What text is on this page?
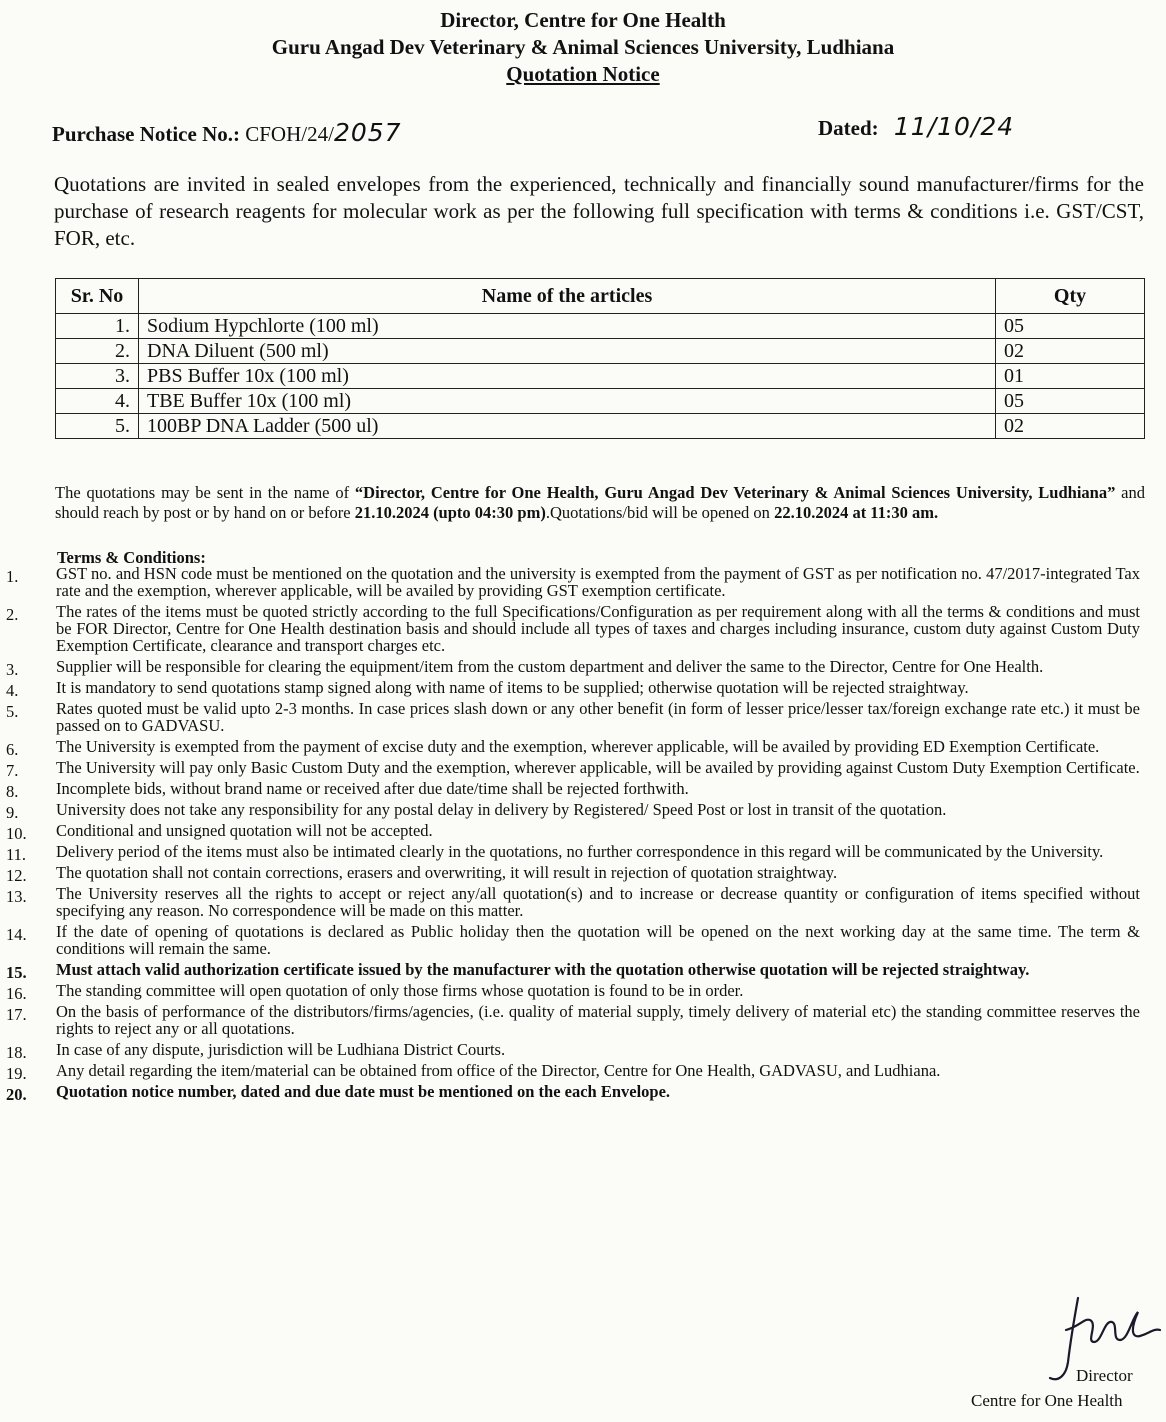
Director, Centre for One Health
Guru Angad Dev Veterinary & Animal Sciences University, Ludhiana
Quotation Notice
Purchase Notice No.: CFOH/24/2057	Dated: 11/10/24
Quotations are invited in sealed envelopes from the experienced, technically and financially sound manufacturer/firms for the purchase of research reagents for molecular work as per the following full specification with terms & conditions i.e. GST/CST, FOR, etc.
Sr. No	Name of the articles	Qty
1.	Sodium Hypchlorte (100 ml)	05
2.	DNA Diluent (500 ml)	02
3.	PBS Buffer 10x (100 ml)	01
4.	TBE Buffer 10x (100 ml)	05
5.	100BP DNA Ladder (500 ul)	02
The quotations may be sent in the name of “Director, Centre for One Health, Guru Angad Dev Veterinary & Animal Sciences University, Ludhiana” and should reach by post or by hand on or before 21.10.2024 (upto 04:30 pm).Quotations/bid will be opened on 22.10.2024 at 11:30 am.
Terms & Conditions:
1.	GST no. and HSN code must be mentioned on the quotation and the university is exempted from the payment of GST as per notification no. 47/2017-integrated Tax rate and the exemption, wherever applicable, will be availed by providing GST exemption certificate.
2.	The rates of the items must be quoted strictly according to the full Specifications/Configuration as per requirement along with all the terms & conditions and must be FOR Director, Centre for One Health destination basis and should include all types of taxes and charges including insurance, custom duty against Custom Duty Exemption Certificate, clearance and transport charges etc.
3.	Supplier will be responsible for clearing the equipment/item from the custom department and deliver the same to the Director, Centre for One Health.
4.	It is mandatory to send quotations stamp signed along with name of items to be supplied; otherwise quotation will be rejected straightway.
5.	Rates quoted must be valid upto 2-3 months. In case prices slash down or any other benefit (in form of lesser price/lesser tax/foreign exchange rate etc.) it must be passed on to GADVASU.
6.	The University is exempted from the payment of excise duty and the exemption, wherever applicable, will be availed by providing ED Exemption Certificate.
7.	The University will pay only Basic Custom Duty and the exemption, wherever applicable, will be availed by providing against Custom Duty Exemption Certificate.
8.	Incomplete bids, without brand name or received after due date/time shall be rejected forthwith.
9.	University does not take any responsibility for any postal delay in delivery by Registered/ Speed Post or lost in transit of the quotation.
10.	Conditional and unsigned quotation will not be accepted.
11.	Delivery period of the items must also be intimated clearly in the quotations, no further correspondence in this regard will be communicated by the University.
12.	The quotation shall not contain corrections, erasers and overwriting, it will result in rejection of quotation straightway.
13.	The University reserves all the rights to accept or reject any/all quotation(s) and to increase or decrease quantity or configuration of items specified without specifying any reason. No correspondence will be made on this matter.
14.	If the date of opening of quotations is declared as Public holiday then the quotation will be opened on the next working day at the same time. The term & conditions will remain the same.
15.	Must attach valid authorization certificate issued by the manufacturer with the quotation otherwise quotation will be rejected straightway.
16.	The standing committee will open quotation of only those firms whose quotation is found to be in order.
17.	On the basis of performance of the distributors/firms/agencies, (i.e. quality of material supply, timely delivery of material etc) the standing committee reserves the rights to reject any or all quotations.
18.	In case of any dispute, jurisdiction will be Ludhiana District Courts.
19.	Any detail regarding the item/material can be obtained from office of the Director, Centre for One Health, GADVASU, and Ludhiana.
20.	Quotation notice number, dated and due date must be mentioned on the each Envelope.
Director
Centre for One Health
